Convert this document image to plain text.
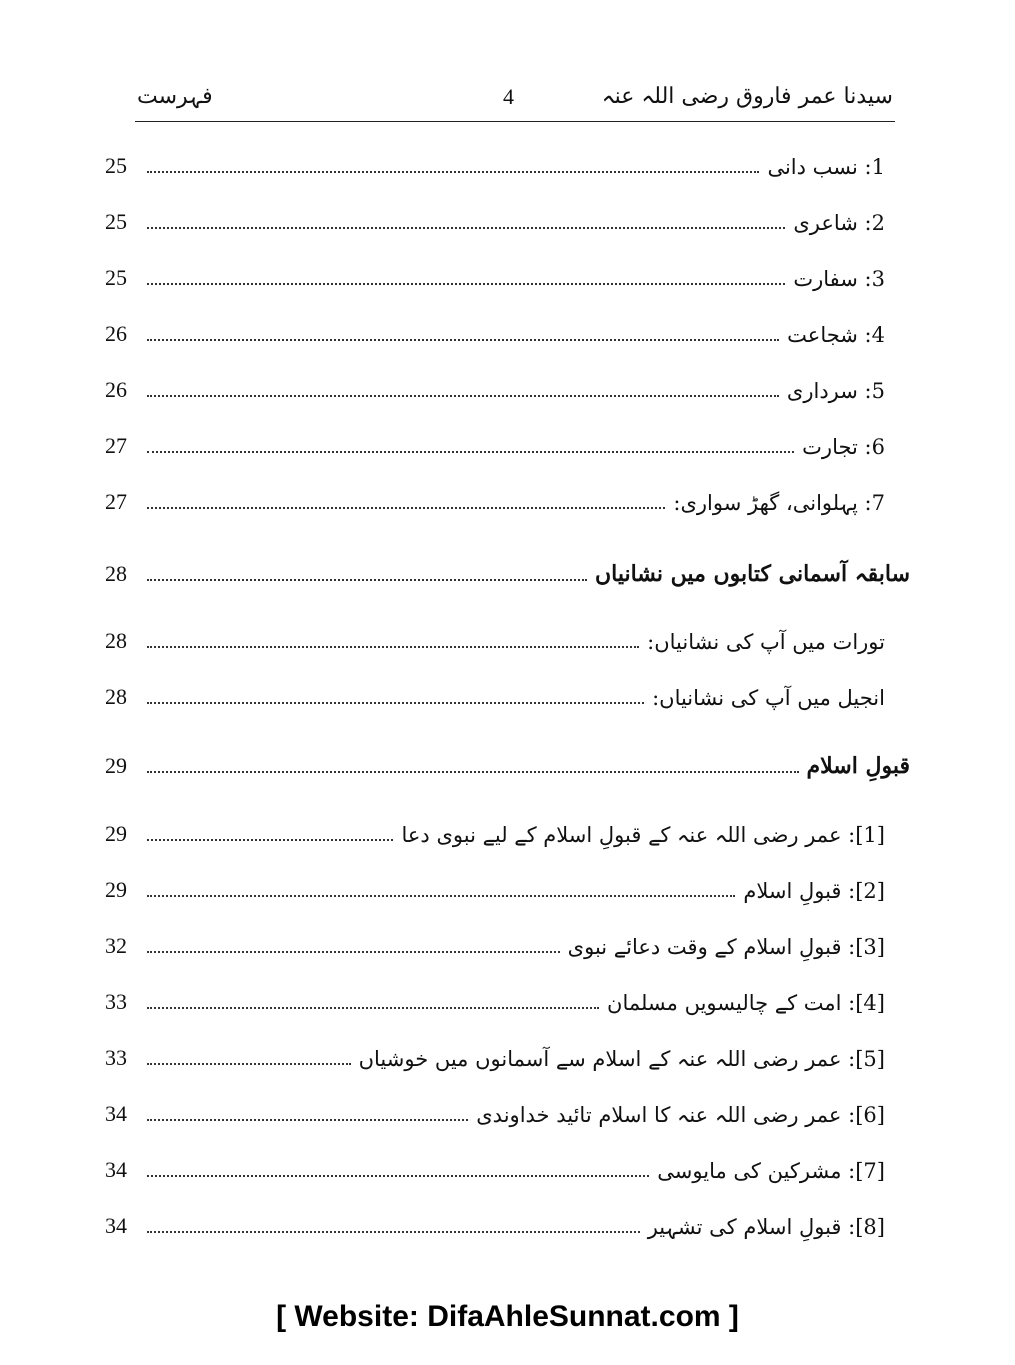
فہرست	4	سیدنا عمر فاروق رضی اللہ عنہ
25	1: نسب دانی
25	2: شاعری
25	3: سفارت
26	4: شجاعت
26	5: سرداری
27	6: تجارت
27	7: پہلوانی، گھڑ سواری:
28	سابقہ آسمانی کتابوں میں نشانیاں
28	تورات میں آپ کی نشانیاں:
28	انجیل میں آپ کی نشانیاں:
29	قبولِ اسلام
29	[1]: عمر رضی اللہ عنہ کے قبولِ اسلام کے لیے نبوی دعا
29	[2]: قبولِ اسلام
32	[3]: قبولِ اسلام کے وقت دعائے نبوی
33	[4]: امت کے چالیسویں مسلمان
33	[5]: عمر رضی اللہ عنہ کے اسلام سے آسمانوں میں خوشیاں
34	[6]: عمر رضی اللہ عنہ کا اسلام تائید خداوندی
34	[7]: مشرکین کی مایوسی
34	[8]: قبولِ اسلام کی تشہیر
[ Website: DifaAhleSunnat.com ]
